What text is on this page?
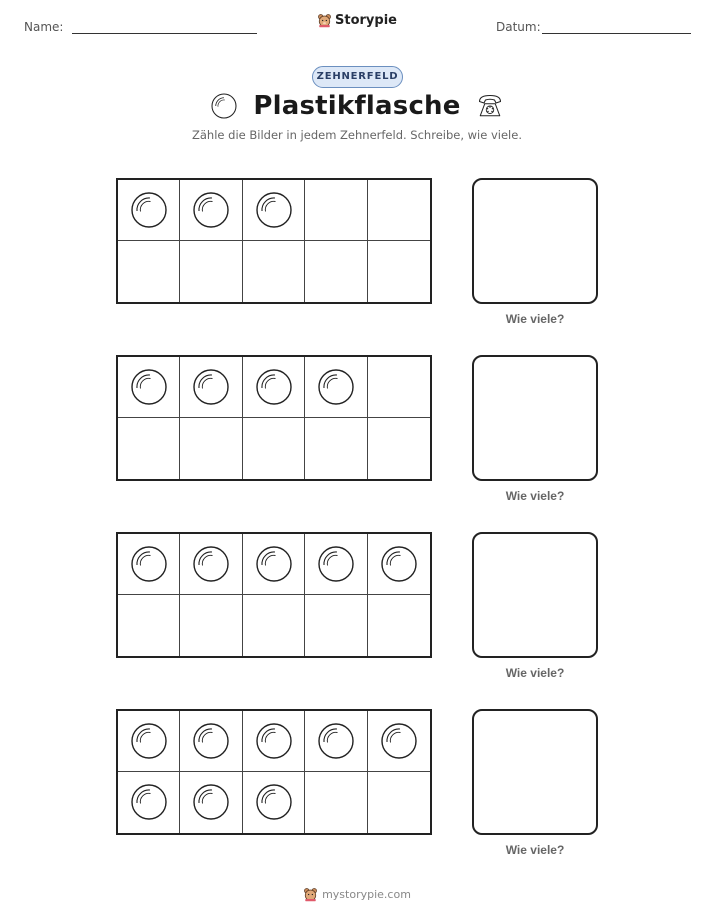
Name:	Datum:
Storypie
ZEHNERFELD
Plastikflasche
Zähle die Bilder in jedem Zehnerfeld. Schreibe, wie viele.
Wie viele?
Wie viele?
Wie viele?
Wie viele?
mystorypie.com
